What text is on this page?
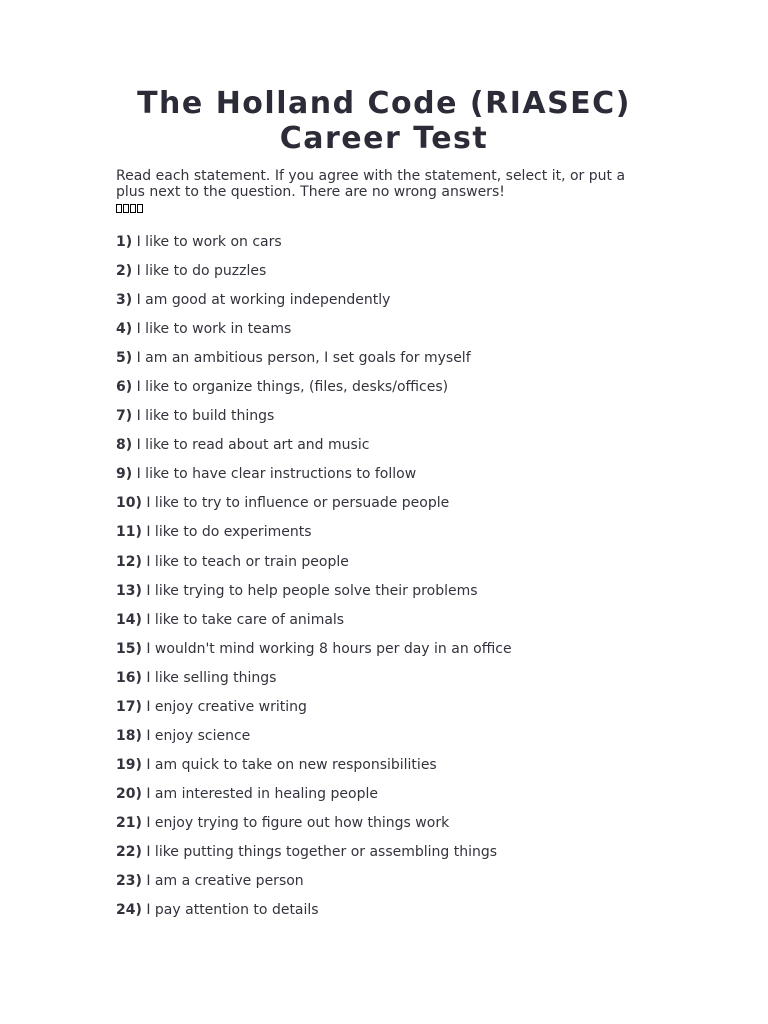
The Holland Code (RIASEC)
Career Test

Read each statement. If you agree with the statement, select it, or put a plus next to the question. There are no wrong answers!

1) I like to work on cars
2) I like to do puzzles
3) I am good at working independently
4) I like to work in teams
5) I am an ambitious person, I set goals for myself
6) I like to organize things, (files, desks/offices)
7) I like to build things
8) I like to read about art and music
9) I like to have clear instructions to follow
10) I like to try to influence or persuade people
11) I like to do experiments
12) I like to teach or train people
13) I like trying to help people solve their problems
14) I like to take care of animals
15) I wouldn't mind working 8 hours per day in an office
16) I like selling things
17) I enjoy creative writing
18) I enjoy science
19) I am quick to take on new responsibilities
20) I am interested in healing people
21) I enjoy trying to figure out how things work
22) I like putting things together or assembling things
23) I am a creative person
24) I pay attention to details
